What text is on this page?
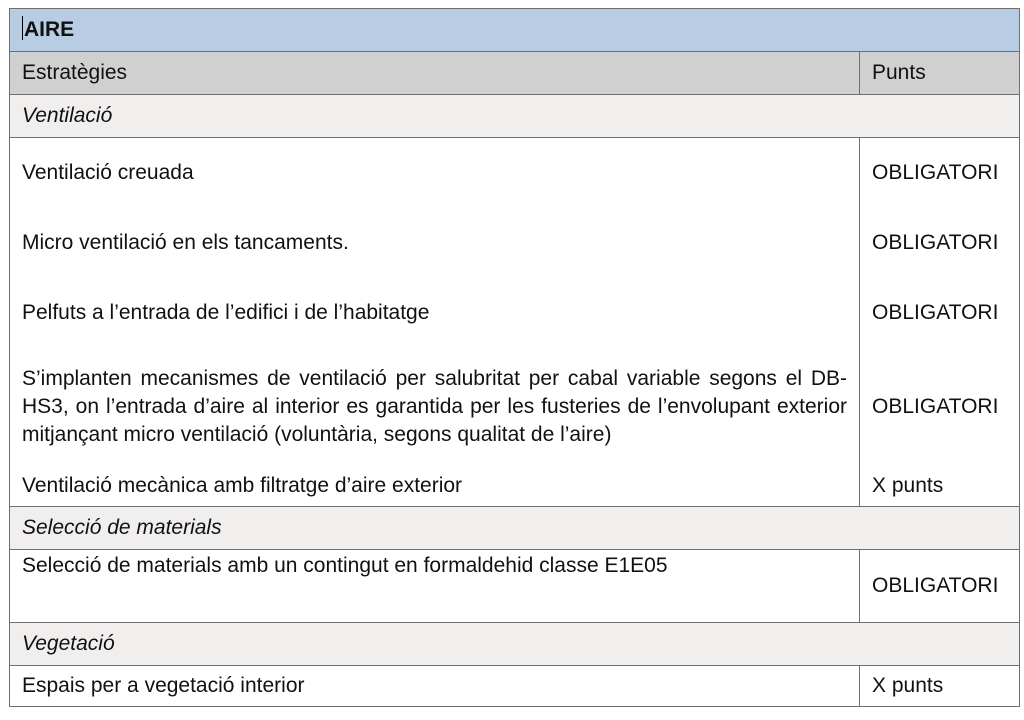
AIRE	
Estratègies	Punts
Ventilació	
Ventilació creuada	OBLIGATORI
Micro ventilació en els tancaments.	OBLIGATORI
Pelfuts a l’entrada de l’edifici i de l’habitatge	OBLIGATORI
S’implanten mecanismes de ventilació per salubritat per cabal variable segons el DB-HS3, on l’entrada d’aire al interior es garantida per les fusteries de l’envolupant exterior mitjançant micro ventilació (voluntària, segons qualitat de l’aire)	OBLIGATORI
Ventilació mecànica amb filtratge d’aire exterior	X punts
Selecció de materials	
Selecció de materials amb un contingut en formaldehid classe E1E05	OBLIGATORI
Vegetació	
Espais per a vegetació interior	X punts
